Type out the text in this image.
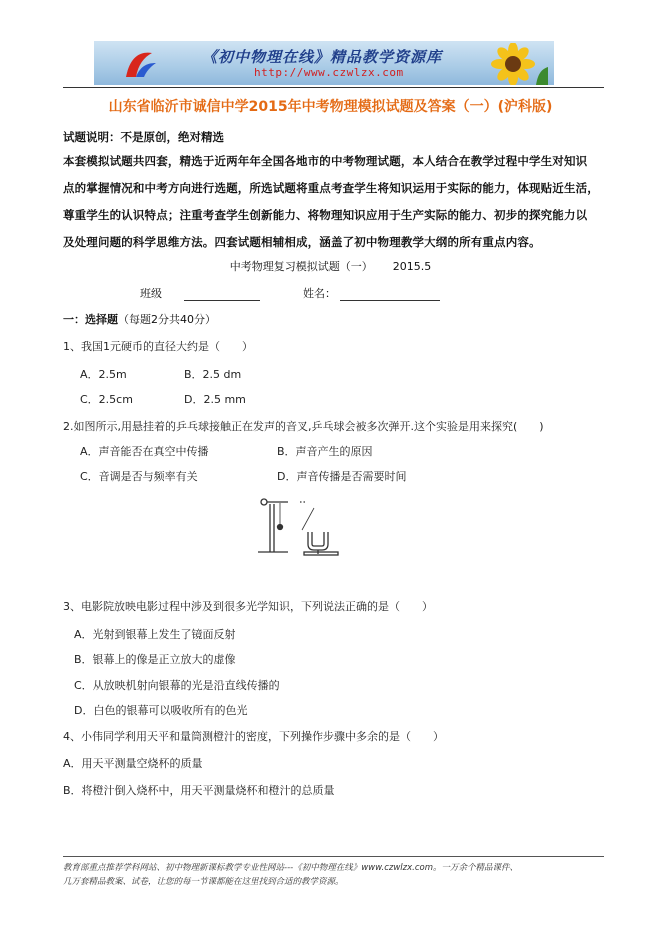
《初中物理在线》精品教学资源库
http://www.czwlzx.com
山东省临沂市诚信中学2015年中考物理模拟试题及答案（一）(沪科版)
试题说明：不是原创，绝对精选
本套模拟试题共四套，精选于近两年年全国各地市的中考物理试题，本人结合在教学过程中学生对知识
点的掌握情况和中考方向进行选题，所选试题将重点考查学生将知识运用于实际的能力，体现贴近生活，
尊重学生的认识特点；注重考查学生创新能力、将物理知识应用于生产实际的能力、初步的探究能力以
及处理问题的科学思维方法。四套试题相辅相成，涵盖了初中物理教学大纲的所有重点内容。
中考物理复习模拟试题（一） 2015.5
班级	姓名：
一：选择题（每题2分共40分）
1、我国1元硬币的直径大约是（　　）
A．2.5m	B．2.5 dm
C．2.5cm	D．2.5 mm
2.如图所示,用悬挂着的乒乓球接触正在发声的音叉,乒乓球会被多次弹开.这个实验是用来探究(　　)
A．声音能否在真空中传播	B．声音产生的原因
C．音调是否与频率有关	D．声音传播是否需要时间
3、电影院放映电影过程中涉及到很多光学知识，下列说法正确的是（　　）
A．光射到银幕上发生了镜面反射
B．银幕上的像是正立放大的虚像
C．从放映机射向银幕的光是沿直线传播的
D．白色的银幕可以吸收所有的色光
4、小伟同学利用天平和量筒测橙汁的密度，下列操作步骤中多余的是（　　）
A．用天平测量空烧杯的质量
B．将橙汁倒入烧杯中，用天平测量烧杯和橙汁的总质量
教育部重点推荐学科网站、初中物理新课标教学专业性网站---《初中物理在线》www.czwlzx.com。一万余个精品课件、
几万套精品教案、试卷，让您的每一节课都能在这里找到合适的教学资源。
